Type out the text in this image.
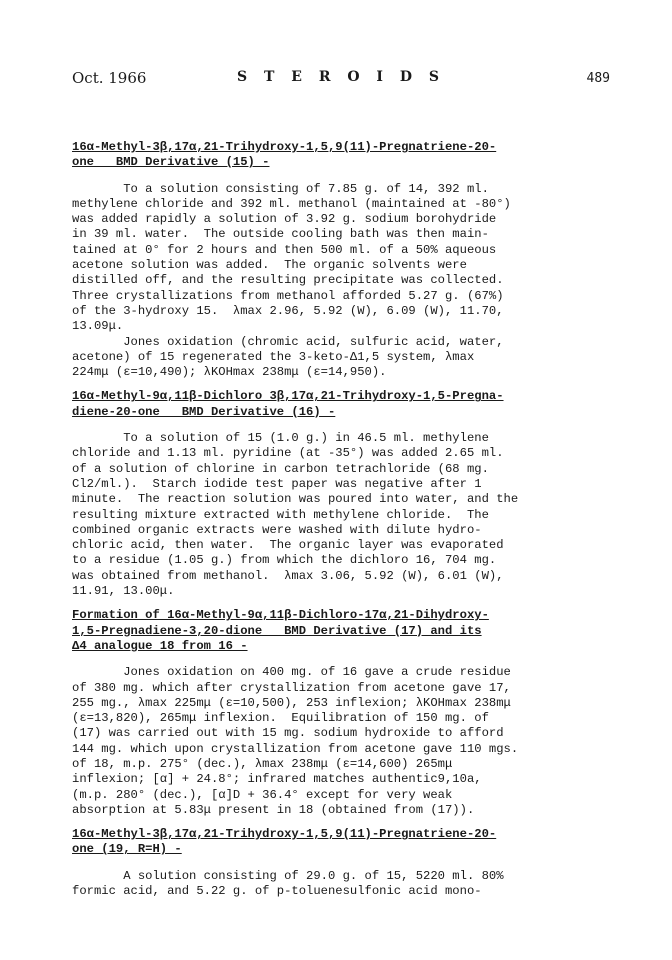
Oct. 1966	S T E R O I D S	489
16α-Methyl-3β,17α,21-Trihydroxy-1,5,9(11)-Pregnatriene-20-
one   BMD Derivative (15) -

To a solution consisting of 7.85 g. of 14, 392 ml.

methylene chloride and 392 ml. methanol (maintained at -80°)

was added rapidly a solution of 3.92 g. sodium borohydride

in 39 ml. water.  The outside cooling bath was then main-

tained at 0° for 2 hours and then 500 ml. of a 50% aqueous

acetone solution was added.  The organic solvents were

distilled off, and the resulting precipitate was collected.

Three crystallizations from methanol afforded 5.27 g. (67%)

of the 3-hydroxy 15.  λmax 2.96, 5.92 (W), 6.09 (W), 11.70,

13.09μ.

Jones oxidation (chromic acid, sulfuric acid, water,

acetone) of 15 regenerated the 3-keto-Δ1,5 system, λmax

224mμ (ε=10,490); λKOHmax 238mμ (ε=14,950).

16α-Methyl-9α,11β-Dichloro 3β,17α,21-Trihydroxy-1,5-Pregna-
diene-20-one   BMD Derivative (16) -

To a solution of 15 (1.0 g.) in 46.5 ml. methylene

chloride and 1.13 ml. pyridine (at -35°) was added 2.65 ml.

of a solution of chlorine in carbon tetrachloride (68 mg.

Cl2/ml.).  Starch iodide test paper was negative after 1

minute.  The reaction solution was poured into water, and the

resulting mixture extracted with methylene chloride.  The

combined organic extracts were washed with dilute hydro-

chloric acid, then water.  The organic layer was evaporated

to a residue (1.05 g.) from which the dichloro 16, 704 mg.

was obtained from methanol.  λmax 3.06, 5.92 (W), 6.01 (W),

11.91, 13.00μ.

Formation of 16α-Methyl-9α,11β-Dichloro-17α,21-Dihydroxy-
1,5-Pregnadiene-3,20-dione   BMD Derivative (17) and its
Δ4 analogue 18 from 16 -

Jones oxidation on 400 mg. of 16 gave a crude residue

of 380 mg. which after crystallization from acetone gave 17,

255 mg., λmax 225mμ (ε=10,500), 253 inflexion; λKOHmax 238mμ

(ε=13,820), 265mμ inflexion.  Equilibration of 150 mg. of

(17) was carried out with 15 mg. sodium hydroxide to afford

144 mg. which upon crystallization from acetone gave 110 mgs.

of 18, m.p. 275° (dec.), λmax 238mμ (ε=14,600) 265mμ

inflexion; [α] + 24.8°; infrared matches authentic9,10a,

(m.p. 280° (dec.), [α]D + 36.4° except for very weak

absorption at 5.83μ present in 18 (obtained from (17)).

16α-Methyl-3β,17α,21-Trihydroxy-1,5,9(11)-Pregnatriene-20-
one (19, R=H) -

A solution consisting of 29.0 g. of 15, 5220 ml. 80%

formic acid, and 5.22 g. of p-toluenesulfonic acid mono-
